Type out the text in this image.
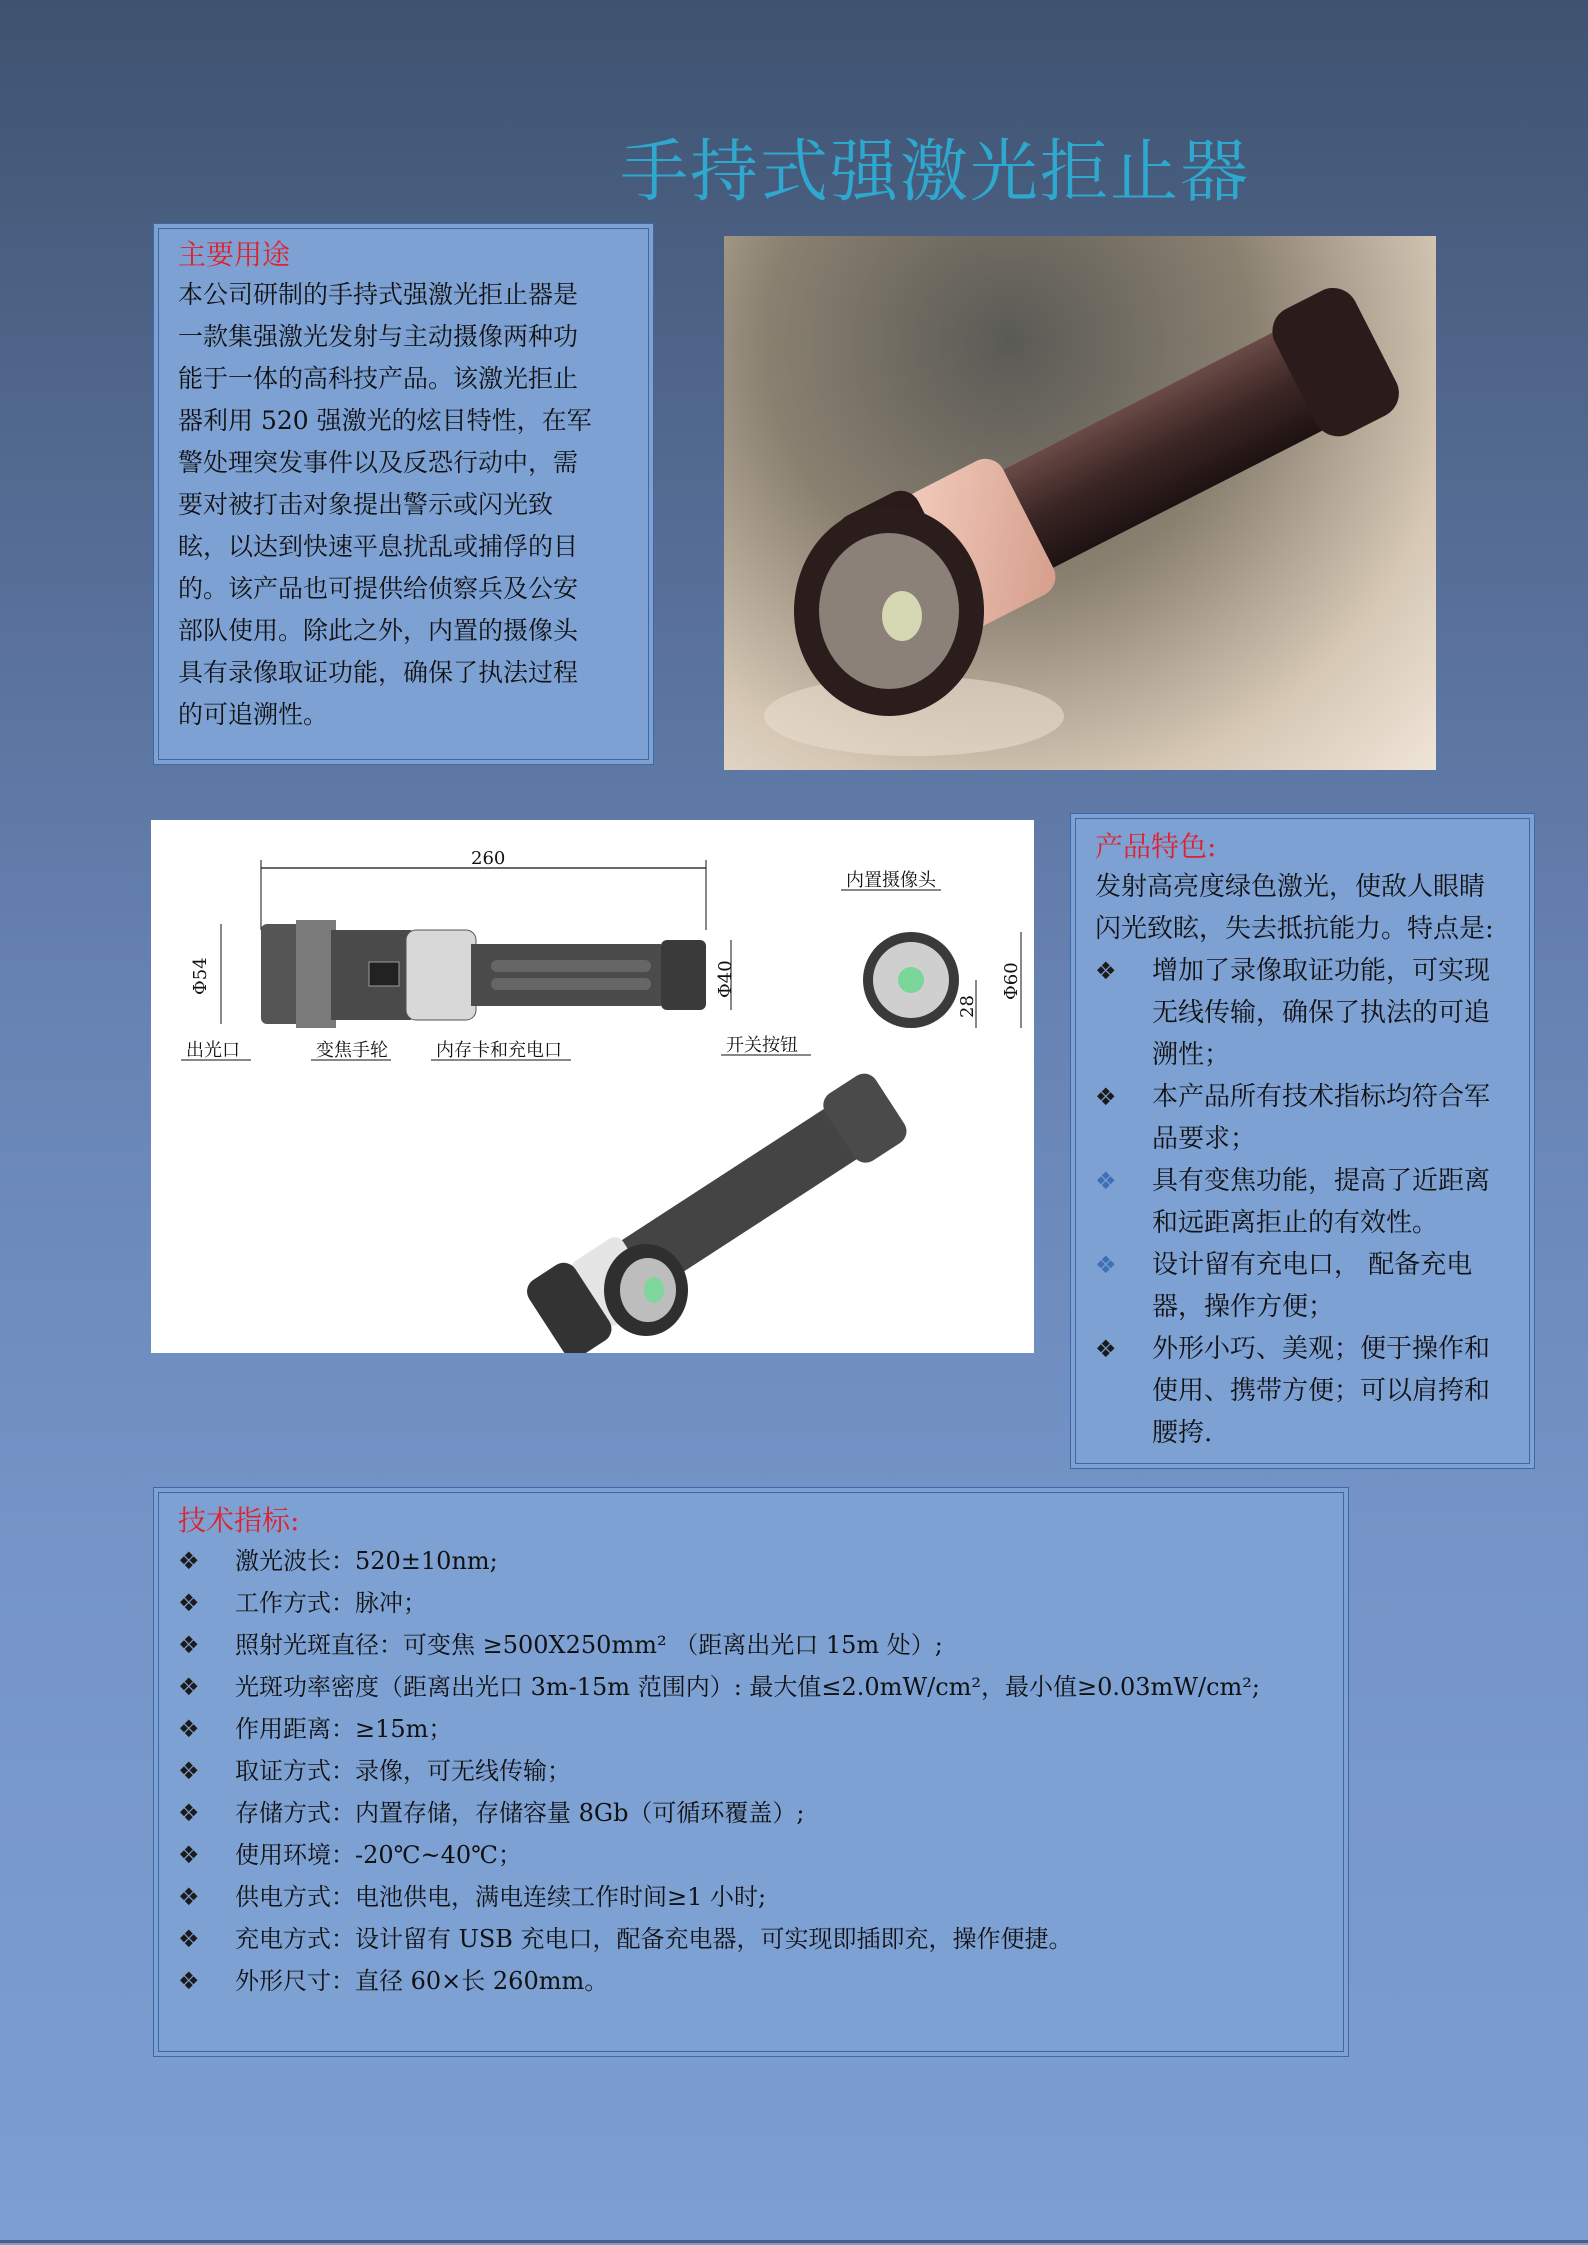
手持式强激光拒止器
主要用途
本公司研制的手持式强激光拒止器是
一款集强激光发射与主动摄像两种功
能于一体的高科技产品。该激光拒止
器利用 520 强激光的炫目特性，在军
警处理突发事件以及反恐行动中，需
要对被打击对象提出警示或闪光致
眩，以达到快速平息扰乱或捕俘的目
的。该产品也可提供给侦察兵及公安
部队使用。除此之外，内置的摄像头
具有录像取证功能，确保了执法过程
的可追溯性。
260
Φ54	Φ40
出光口	变焦手轮	内存卡和充电口	开关按钮
内置摄像头
Φ60
28
产品特色:
发射高亮度绿色激光，使敌人眼睛
闪光致眩，失去抵抗能力。特点是:
❖ 增加了录像取证功能，可实现无线传输，确保了执法的可追溯性；
❖ 本产品所有技术指标均符合军品要求；
❖ 具有变焦功能，提高了近距离和远距离拒止的有效性。
❖ 设计留有充电口， 配备充电器，操作方便；
❖ 外形小巧、美观；便于操作和使用、携带方便；可以肩挎和腰挎.
技术指标:
❖ 激光波长：520±10nm;
❖ 工作方式：脉冲；
❖ 照射光斑直径：可变焦 ≥500X250mm² （距离出光口 15m 处）;
❖ 光斑功率密度（距离出光口 3m-15m 范围内）: 最大值≤2.0mW/cm²，最小值≥0.03mW/cm²;
❖ 作用距离：≥15m；
❖ 取证方式：录像，可无线传输；
❖ 存储方式：内置存储，存储容量 8Gb（可循环覆盖）;
❖ 使用环境：-20℃~40℃；
❖ 供电方式：电池供电，满电连续工作时间≥1 小时;
❖ 充电方式：设计留有 USB 充电口，配备充电器，可实现即插即充，操作便捷。
❖ 外形尺寸：直径 60×长 260mm。
